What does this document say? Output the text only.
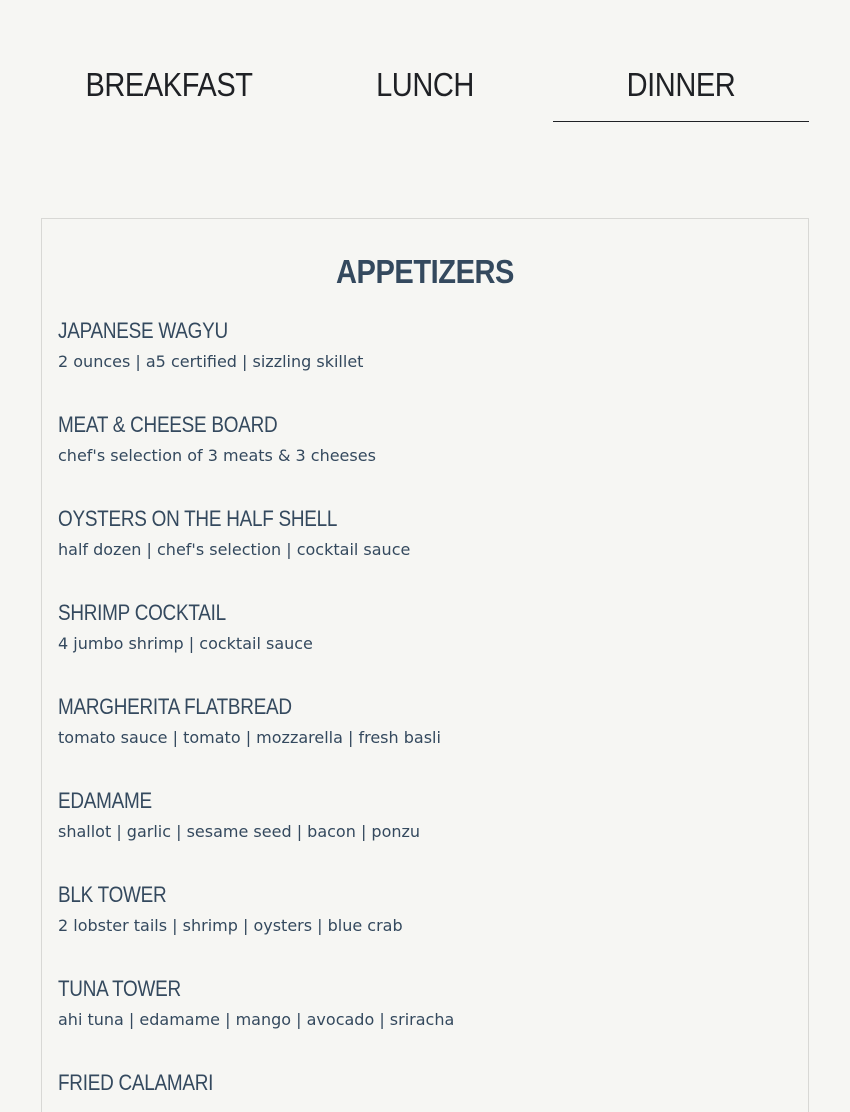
BREAKFAST	LUNCH	DINNER
APPETIZERS
JAPANESE WAGYU
2 ounces | a5 certified | sizzling skillet
MEAT & CHEESE BOARD
chef's selection of 3 meats & 3 cheeses
OYSTERS ON THE HALF SHELL
half dozen | chef's selection | cocktail sauce
SHRIMP COCKTAIL
4 jumbo shrimp | cocktail sauce
MARGHERITA FLATBREAD
tomato sauce | tomato | mozzarella | fresh basli
EDAMAME
shallot | garlic | sesame seed | bacon | ponzu
BLK TOWER
2 lobster tails | shrimp | oysters | blue crab
TUNA TOWER
ahi tuna | edamame | mango | avocado | sriracha
FRIED CALAMARI
